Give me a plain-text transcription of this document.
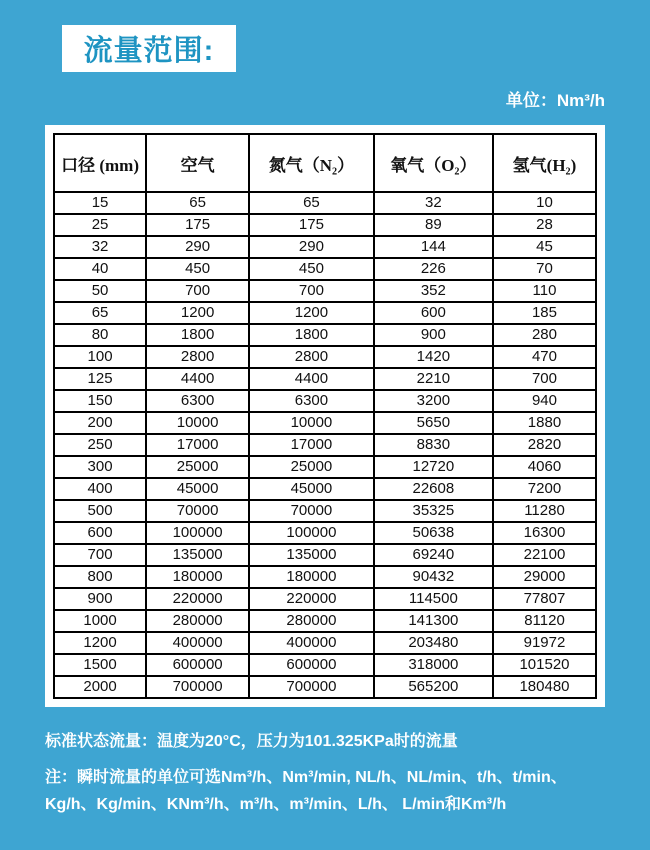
流量范围:
单位：Nm³/h
口径 (mm)	空气	氮气（N₂）	氧气（O₂）	氢气(H₂)
15	65	65	32	10
25	175	175	89	28
32	290	290	144	45
40	450	450	226	70
50	700	700	352	110
65	1200	1200	600	185
80	1800	1800	900	280
100	2800	2800	1420	470
125	4400	4400	2210	700
150	6300	6300	3200	940
200	10000	10000	5650	1880
250	17000	17000	8830	2820
300	25000	25000	12720	4060
400	45000	45000	22608	7200
500	70000	70000	35325	11280
600	100000	100000	50638	16300
700	135000	135000	69240	22100
800	180000	180000	90432	29000
900	220000	220000	114500	77807
1000	280000	280000	141300	81120
1200	400000	400000	203480	91972
1500	600000	600000	318000	101520
2000	700000	700000	565200	180480
标准状态流量：温度为20°C，压力为101.325KPa时的流量
注：瞬时流量的单位可选Nm³/h、Nm³/min, NL/h、NL/min、t/h、t/min、Kg/h、Kg/min、KNm³/h、m³/h、m³/min、L/h、 L/min和Km³/h
